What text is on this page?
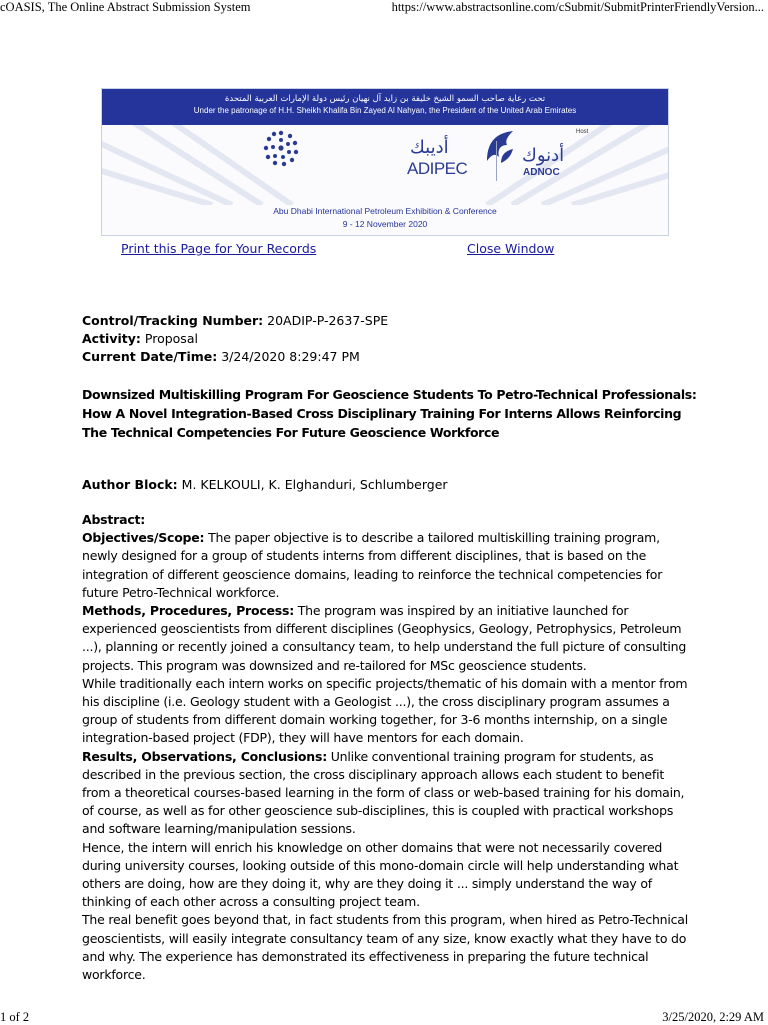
cOASIS, The Online Abstract Submission System	https://www.abstractsonline.com/cSubmit/SubmitPrinterFriendlyVersion...
تحت رعاية صاحب السمو الشيخ خليفة بن زايد آل نهيان رئيس دولة الإمارات العربية المتحدة
Under the patronage of H.H. Sheikh Khalifa Bin Zayed Al Nahyan, the President of the United Arab Emirates
أديبك
ADIPEC
Host
أدنوك
ADNOC
Abu Dhabi International Petroleum Exhibition & Conference
9 - 12 November 2020
Print this Page for Your Records	Close Window
Control/Tracking Number: 20ADIP-P-2637-SPE
Activity: Proposal
Current Date/Time: 3/24/2020 8:29:47 PM
Downsized Multiskilling Program For Geoscience Students To Petro-Technical Professionals: How A Novel Integration-Based Cross Disciplinary Training For Interns Allows Reinforcing The Technical Competencies For Future Geoscience Workforce
Author Block: M. KELKOULI, K. Elghanduri, Schlumberger

Abstract:

Objectives/Scope: The paper objective is to describe a tailored multiskilling training program, newly designed for a group of students interns from different disciplines, that is based on the integration of different geoscience domains, leading to reinforce the technical competencies for future Petro-Technical workforce.

Methods, Procedures, Process: The program was inspired by an initiative launched for experienced geoscientists from different disciplines (Geophysics, Geology, Petrophysics, Petroleum ...), planning or recently joined a consultancy team, to help understand the full picture of consulting projects. This program was downsized and re-tailored for MSc geoscience students.

While traditionally each intern works on specific projects/thematic of his domain with a mentor from his discipline (i.e. Geology student with a Geologist ...), the cross disciplinary program assumes a group of students from different domain working together, for 3-6 months internship, on a single integration-based project (FDP), they will have mentors for each domain.

Results, Observations, Conclusions: Unlike conventional training program for students, as described in the previous section, the cross disciplinary approach allows each student to benefit from a theoretical courses-based learning in the form of class or web-based training for his domain, of course, as well as for other geoscience sub-disciplines, this is coupled with practical workshops and software learning/manipulation sessions.

Hence, the intern will enrich his knowledge on other domains that were not necessarily covered during university courses, looking outside of this mono-domain circle will help understanding what others are doing, how are they doing it, why are they doing it ... simply understand the way of thinking of each other across a consulting project team.

The real benefit goes beyond that, in fact students from this program, when hired as Petro-Technical geoscientists, will easily integrate consultancy team of any size, know exactly what they have to do and why. The experience has demonstrated its effectiveness in preparing the future technical workforce.

1 of 2	3/25/2020, 2:29 AM
